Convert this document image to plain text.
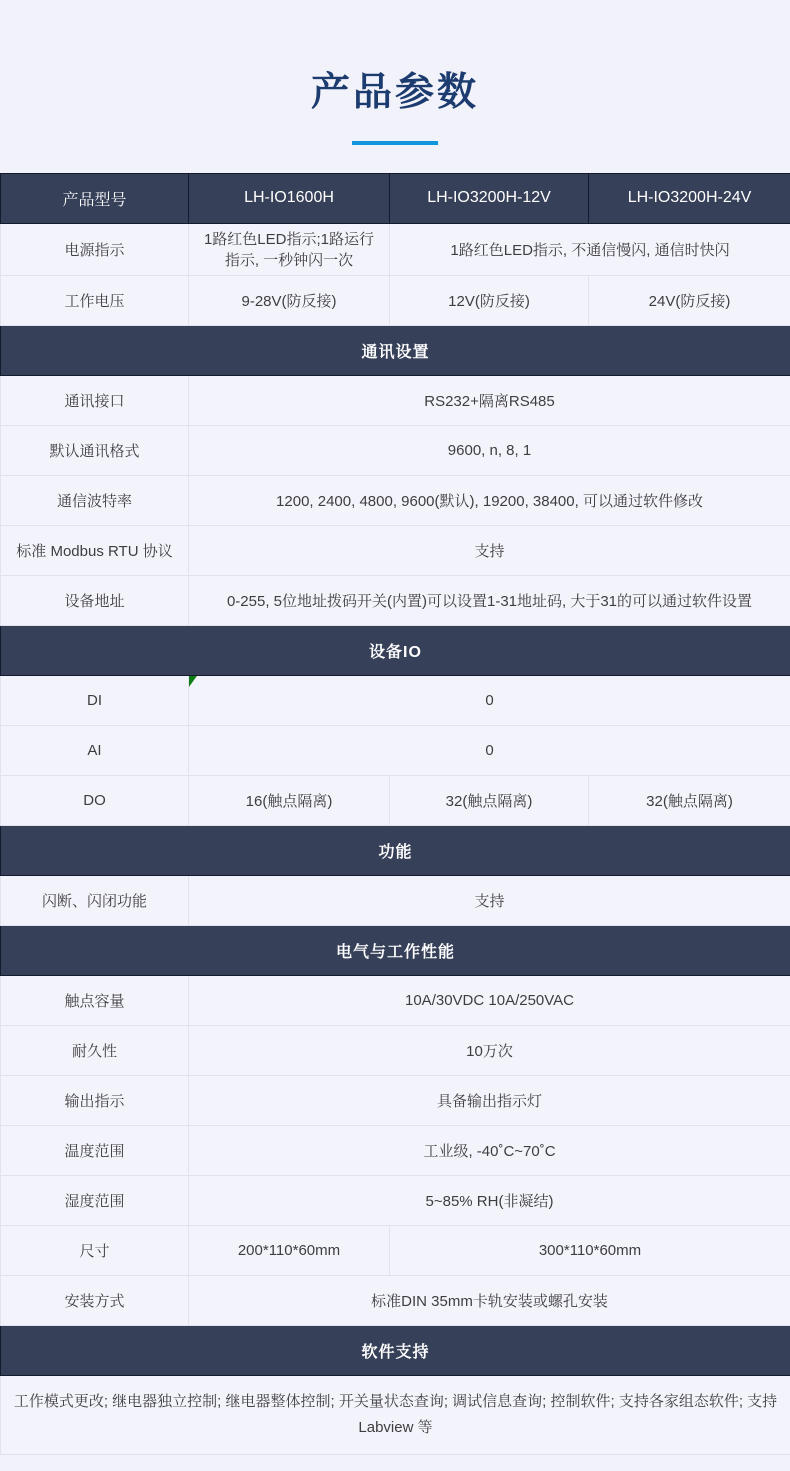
产品参数
产品型号	LH-IO1600H	LH-IO3200H-12V	LH-IO3200H-24V
电源指示	1路红色LED指示;1路运行指示, 一秒钟闪一次	1路红色LED指示, 不通信慢闪, 通信时快闪	
工作电压	9-28V(防反接)	12V(防反接)	24V(防反接)
通讯设置			
通讯接口	RS232+隔离RS485		
默认通讯格式	9600, n, 8, 1		
通信波特率	1200, 2400, 4800, 9600(默认), 19200, 38400, 可以通过软件修改		
标准 Modbus RTU 协议	支持		
设备地址	0-255, 5位地址拨码开关(内置)可以设置1-31地址码, 大于31的可以通过软件设置		
设备IO			
DI	0		

AI	0		
DO	16(触点隔离)	32(触点隔离)	32(触点隔离)
功能			
闪断、闪闭功能	支持		
电气与工作性能			
触点容量	10A/30VDC 10A/250VAC		
耐久性	10万次		
输出指示	具备输出指示灯		
温度范围	工业级, -40˚C~70˚C		
湿度范围	5~85% RH(非凝结)		
尺寸	200*110*60mm	300*110*60mm	
安装方式	标准DIN 35mm卡轨安装或螺孔安装		
软件支持			
工作模式更改; 继电器独立控制; 继电器整体控制; 开关量状态查询; 调试信息查询; 控制软件; 支持各家组态软件; 支持 Labview 等			
